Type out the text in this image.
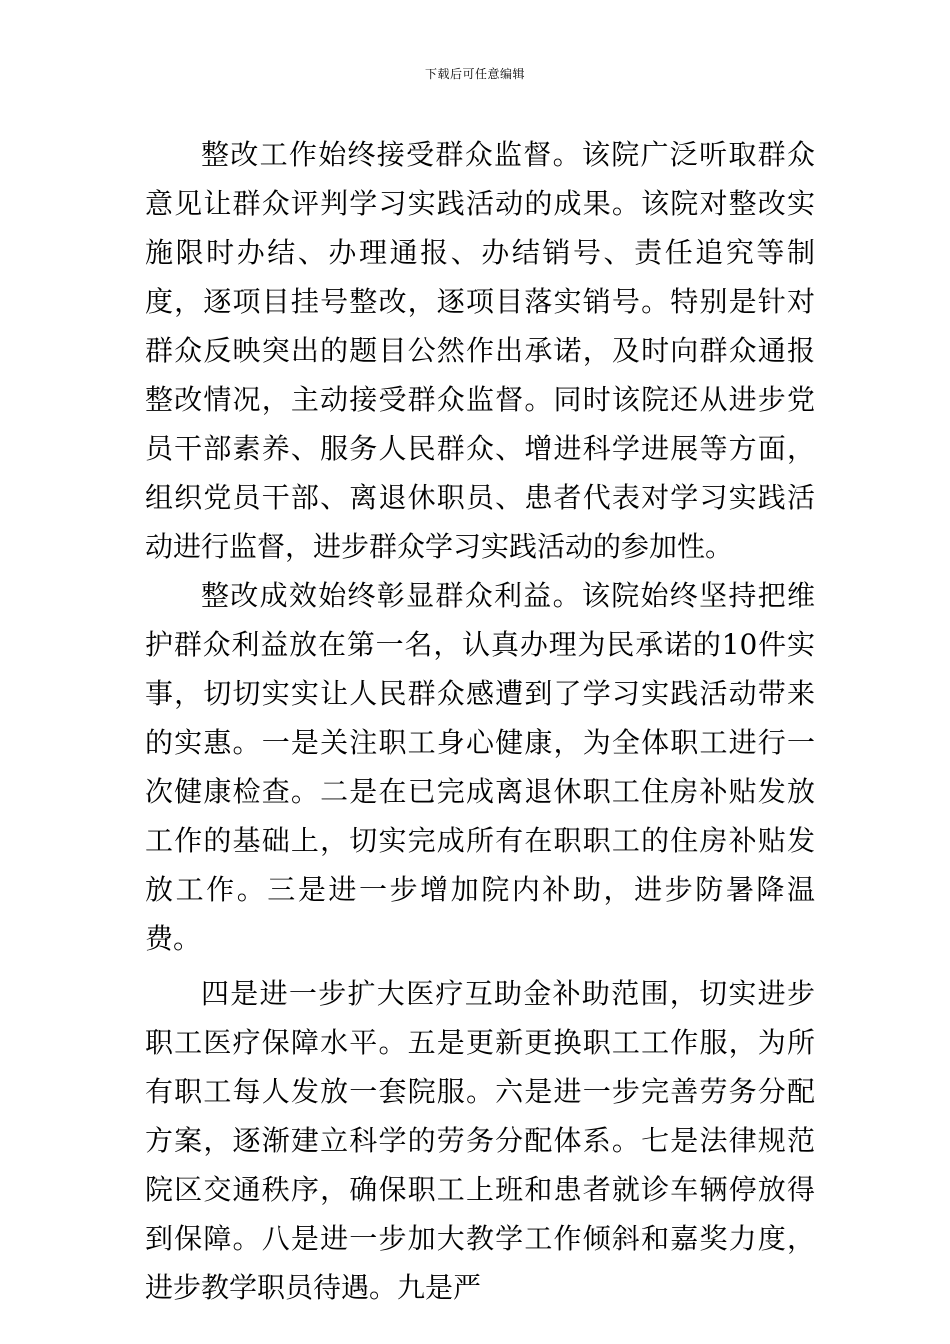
下载后可任意编辑

整改工作始终接受群众监督。该院广泛听取群众意见让群众评判学习实践活动的成果。该院对整改实施限时办结、办理通报、办结销号、责任追究等制度，逐项目挂号整改，逐项目落实销号。特别是针对群众反映突出的题目公然作出承诺，及时向群众通报整改情况，主动接受群众监督。同时该院还从进步党员干部素养、服务人民群众、增进科学进展等方面，组织党员干部、离退休职员、患者代表对学习实践活动进行监督，进步群众学习实践活动的参加性。

整改成效始终彰显群众利益。该院始终坚持把维护群众利益放在第一名，认真办理为民承诺的10件实事，切切实实让人民群众感遭到了学习实践活动带来的实惠。一是关注职工身心健康，为全体职工进行一次健康检查。二是在已完成离退休职工住房补贴发放工作的基础上，切实完成所有在职职工的住房补贴发放工作。三是进一步增加院内补助，进步防暑降温费。

四是进一步扩大医疗互助金补助范围，切实进步职工医疗保障水平。五是更新更换职工工作服，为所有职工每人发放一套院服。六是进一步完善劳务分配方案，逐渐建立科学的劳务分配体系。七是法律规范院区交通秩序，确保职工上班和患者就诊车辆停放得到保障。八是进一步加大教学工作倾斜和嘉奖力度，进步教学职员待遇。九是严
